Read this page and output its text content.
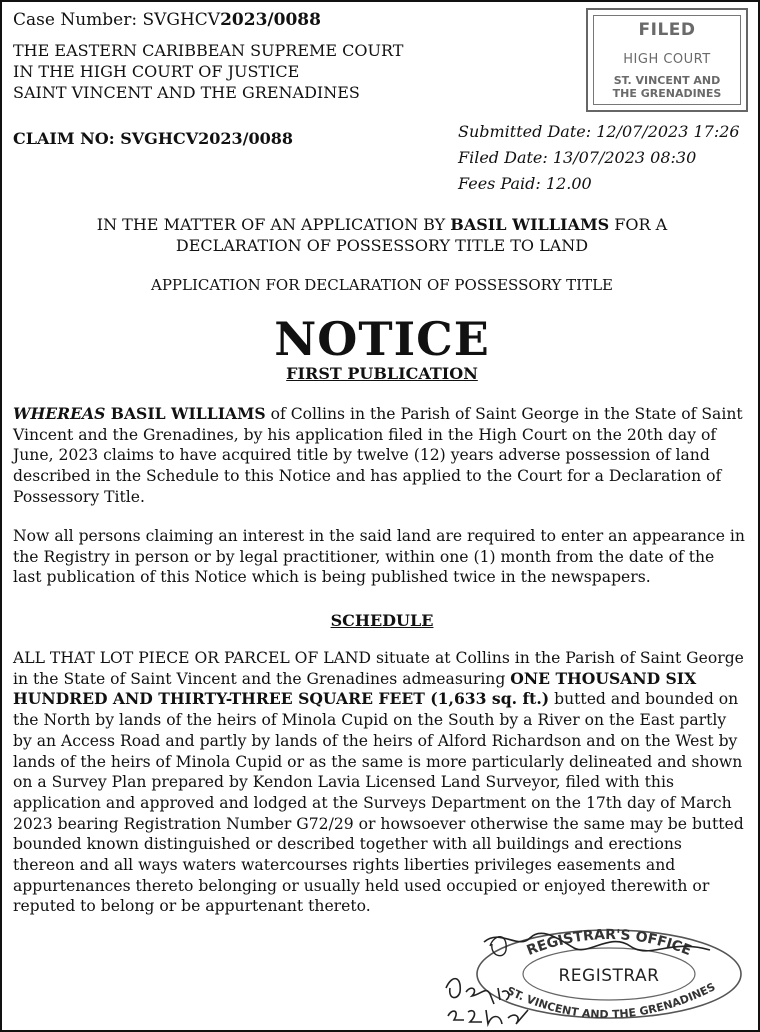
Case Number: SVGHCV2023/0088
THE EASTERN CARIBBEAN SUPREME COURT
IN THE HIGH COURT OF JUSTICE
SAINT VINCENT AND THE GRENADINES
CLAIM NO: SVGHCV2023/0088	Submitted Date: 12/07/2023 17:26
Filed Date: 13/07/2023 08:30
Fees Paid: 12.00
FILED
HIGH COURT
ST. VINCENT AND
THE GRENADINES
IN THE MATTER OF AN APPLICATION BY BASIL WILLIAMS FOR A
DECLARATION OF POSSESSORY TITLE TO LAND
APPLICATION FOR DECLARATION OF POSSESSORY TITLE
NOTICE
FIRST PUBLICATION
WHEREAS BASIL WILLIAMS of Collins in the Parish of Saint George in the State of Saint Vincent and the Grenadines, by his application filed in the High Court on the 20th day of June, 2023 claims to have acquired title by twelve (12) years adverse possession of land described in the Schedule to this Notice and has applied to the Court for a Declaration of Possessory Title.
Now all persons claiming an interest in the said land are required to enter an appearance in the Registry in person or by legal practitioner, within one (1) month from the date of the last publication of this Notice which is being published twice in the newspapers.
SCHEDULE
ALL THAT LOT PIECE OR PARCEL OF LAND situate at Collins in the Parish of Saint George in the State of Saint Vincent and the Grenadines admeasuring ONE THOUSAND SIX HUNDRED AND THIRTY-THREE SQUARE FEET (1,633 sq. ft.) butted and bounded on the North by lands of the heirs of Minola Cupid on the South by a River on the East partly by an Access Road and partly by lands of the heirs of Alford Richardson and on the West by lands of the heirs of Minola Cupid or as the same is more particularly delineated and shown on a Survey Plan prepared by Kendon Lavia Licensed Land Surveyor, filed with this application and approved and lodged at the Surveys Department on the 17th day of March 2023 bearing Registration Number G72/29 or howsoever otherwise the same may be butted bounded known distinguished or described together with all buildings and erections thereon and all ways waters watercourses rights liberties privileges easements and appurtenances thereto belonging or usually held used occupied or enjoyed therewith or reputed to belong or be appurtenant thereto.
REGISTRAR'S OFFICE
ST. VINCENT AND THE GRENADINES
REGISTRAR
